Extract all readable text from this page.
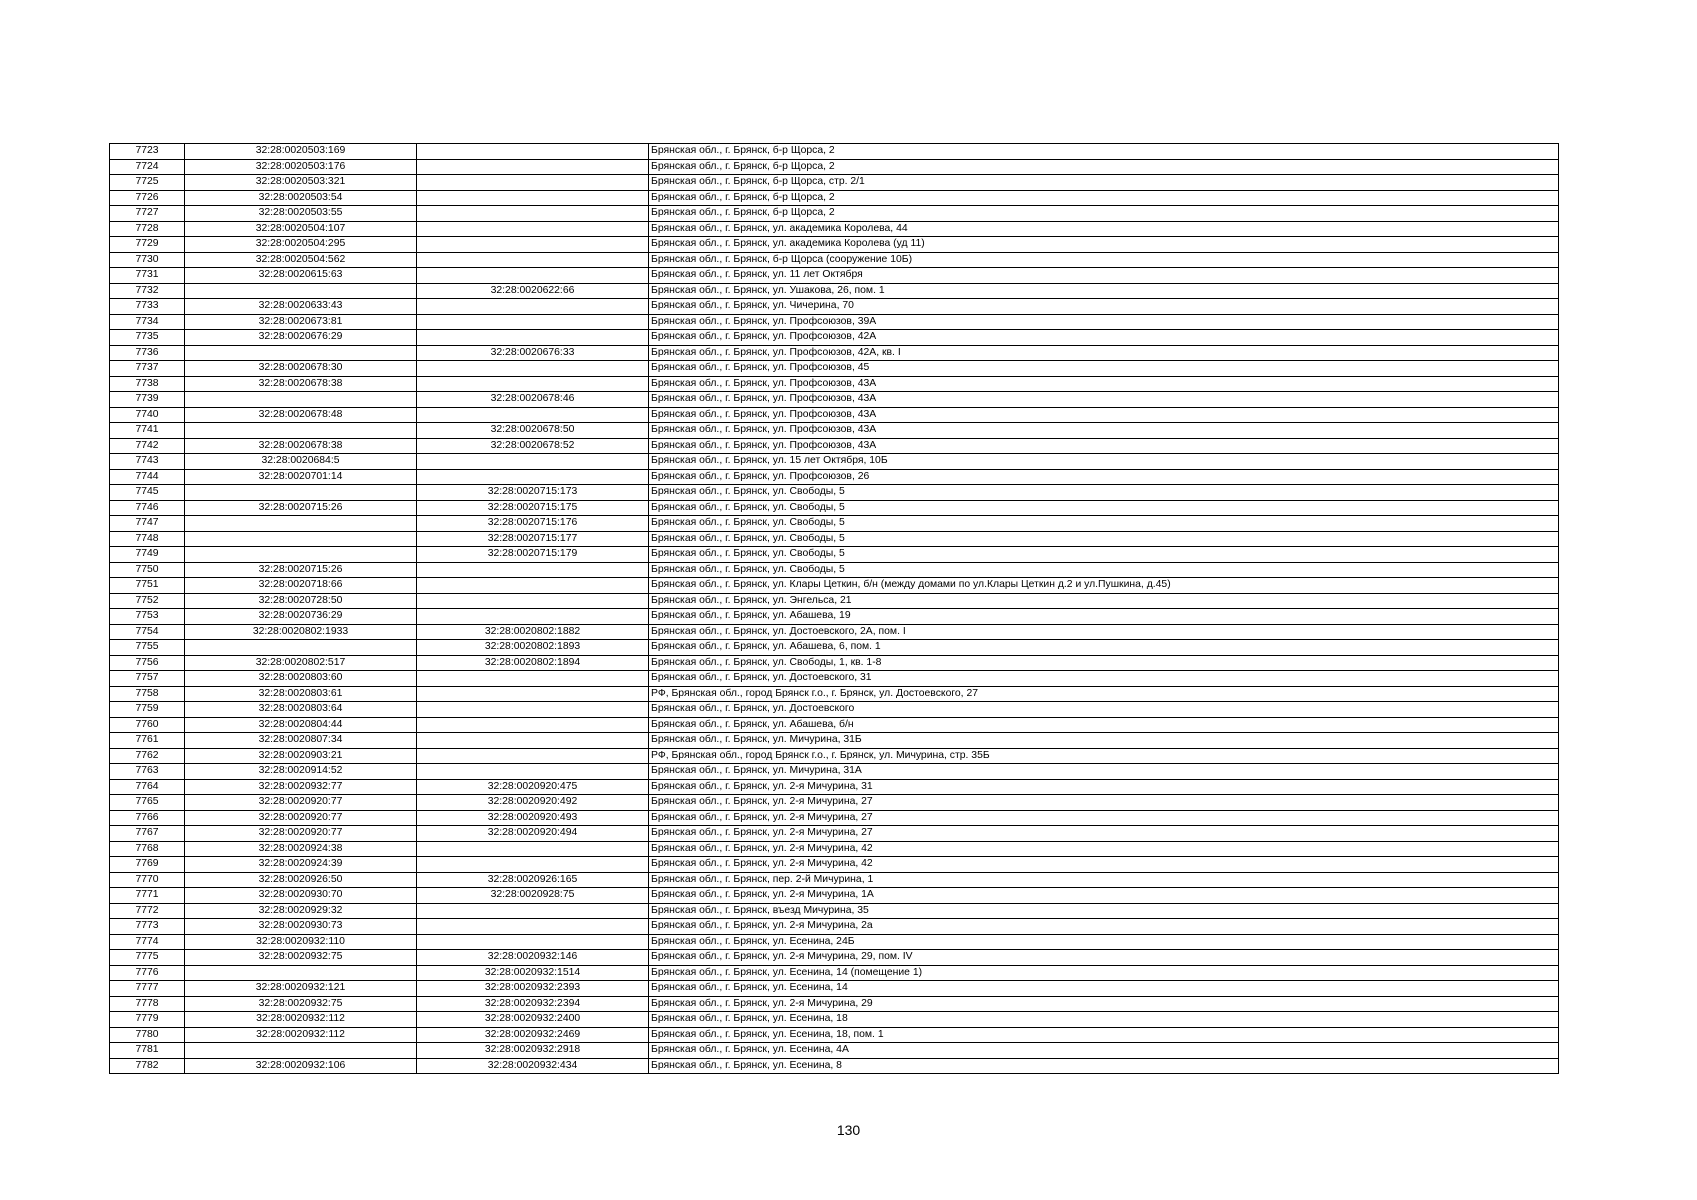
7723	32:28:0020503:169		Брянская обл., г. Брянск, б-р Щорса, 2
7724	32:28:0020503:176		Брянская обл., г. Брянск, б-р Щорса, 2
7725	32:28:0020503:321		Брянская обл., г. Брянск, б-р Щорса, стр. 2/1
7726	32:28:0020503:54		Брянская обл., г. Брянск, б-р Щорса, 2
7727	32:28:0020503:55		Брянская обл., г. Брянск, б-р Щорса, 2
7728	32:28:0020504:107		Брянская обл., г. Брянск, ул. академика Королева, 44
7729	32:28:0020504:295		Брянская обл., г. Брянск, ул. академика Королева (уд 11)
7730	32:28:0020504:562		Брянская обл., г. Брянск, б-р Щорса (сооружение 10Б)
7731	32:28:0020615:63		Брянская обл., г. Брянск, ул. 11 лет Октября
7732		32:28:0020622:66	Брянская обл., г. Брянск, ул. Ушакова, 26, пом. 1
7733	32:28:0020633:43		Брянская обл., г. Брянск, ул. Чичерина, 70
7734	32:28:0020673:81		Брянская обл., г. Брянск, ул. Профсоюзов, 39А
7735	32:28:0020676:29		Брянская обл., г. Брянск, ул. Профсоюзов, 42А
7736		32:28:0020676:33	Брянская обл., г. Брянск, ул. Профсоюзов, 42А, кв. I
7737	32:28:0020678:30		Брянская обл., г. Брянск, ул. Профсоюзов, 45
7738	32:28:0020678:38		Брянская обл., г. Брянск, ул. Профсоюзов, 43А
7739		32:28:0020678:46	Брянская обл., г. Брянск, ул. Профсоюзов, 43А
7740	32:28:0020678:48		Брянская обл., г. Брянск, ул. Профсоюзов, 43А
7741		32:28:0020678:50	Брянская обл., г. Брянск, ул. Профсоюзов, 43А
7742	32:28:0020678:38	32:28:0020678:52	Брянская обл., г. Брянск, ул. Профсоюзов, 43А
7743	32:28:0020684:5		Брянская обл., г. Брянск, ул. 15 лет Октября, 10Б
7744	32:28:0020701:14		Брянская обл., г. Брянск, ул. Профсоюзов, 26
7745		32:28:0020715:173	Брянская обл., г. Брянск, ул. Свободы, 5
7746	32:28:0020715:26	32:28:0020715:175	Брянская обл., г. Брянск, ул. Свободы, 5
7747		32:28:0020715:176	Брянская обл., г. Брянск, ул. Свободы, 5
7748		32:28:0020715:177	Брянская обл., г. Брянск, ул. Свободы, 5
7749		32:28:0020715:179	Брянская обл., г. Брянск, ул. Свободы, 5
7750	32:28:0020715:26		Брянская обл., г. Брянск, ул. Свободы, 5
7751	32:28:0020718:66		Брянская обл., г. Брянск, ул. Клары Цеткин, б/н (между домами по ул.Клары Цеткин д.2 и ул.Пушкина, д.45)
7752	32:28:0020728:50		Брянская обл., г. Брянск, ул. Энгельса, 21
7753	32:28:0020736:29		Брянская обл., г. Брянск, ул. Абашева, 19
7754	32:28:0020802:1933	32:28:0020802:1882	Брянская обл., г. Брянск, ул. Достоевского, 2А, пом. I
7755		32:28:0020802:1893	Брянская обл., г. Брянск, ул. Абашева, 6, пом. 1
7756	32:28:0020802:517	32:28:0020802:1894	Брянская обл., г. Брянск, ул. Свободы, 1, кв. 1-8
7757	32:28:0020803:60		Брянская обл., г. Брянск, ул. Достоевского, 31
7758	32:28:0020803:61		РФ, Брянская обл., город Брянск г.о., г. Брянск, ул. Достоевского, 27
7759	32:28:0020803:64		Брянская обл., г. Брянск, ул. Достоевского
7760	32:28:0020804:44		Брянская обл., г. Брянск, ул. Абашева, б/н
7761	32:28:0020807:34		Брянская обл., г. Брянск, ул. Мичурина, 31Б
7762	32:28:0020903:21		РФ, Брянская обл., город Брянск г.о., г. Брянск, ул. Мичурина, стр. 35Б
7763	32:28:0020914:52		Брянская обл., г. Брянск, ул. Мичурина, 31А
7764	32:28:0020932:77	32:28:0020920:475	Брянская обл., г. Брянск, ул. 2-я Мичурина, 31
7765	32:28:0020920:77	32:28:0020920:492	Брянская обл., г. Брянск, ул. 2-я Мичурина, 27
7766	32:28:0020920:77	32:28:0020920:493	Брянская обл., г. Брянск, ул. 2-я Мичурина, 27
7767	32:28:0020920:77	32:28:0020920:494	Брянская обл., г. Брянск, ул. 2-я Мичурина, 27
7768	32:28:0020924:38		Брянская обл., г. Брянск, ул. 2-я Мичурина, 42
7769	32:28:0020924:39		Брянская обл., г. Брянск, ул. 2-я Мичурина, 42
7770	32:28:0020926:50	32:28:0020926:165	Брянская обл., г. Брянск, пер. 2-й Мичурина, 1
7771	32:28:0020930:70	32:28:0020928:75	Брянская обл., г. Брянск, ул. 2-я Мичурина, 1А
7772	32:28:0020929:32		Брянская обл., г. Брянск, въезд Мичурина, 35
7773	32:28:0020930:73		Брянская обл., г. Брянск, ул. 2-я Мичурина, 2а
7774	32:28:0020932:110		Брянская обл., г. Брянск, ул. Есенина, 24Б
7775	32:28:0020932:75	32:28:0020932:146	Брянская обл., г. Брянск, ул. 2-я Мичурина, 29, пом. IV
7776		32:28:0020932:1514	Брянская обл., г. Брянск, ул. Есенина, 14 (помещение 1)
7777	32:28:0020932:121	32:28:0020932:2393	Брянская обл., г. Брянск, ул. Есенина, 14
7778	32:28:0020932:75	32:28:0020932:2394	Брянская обл., г. Брянск, ул. 2-я Мичурина, 29
7779	32:28:0020932:112	32:28:0020932:2400	Брянская обл., г. Брянск, ул. Есенина, 18
7780	32:28:0020932:112	32:28:0020932:2469	Брянская обл., г. Брянск, ул. Есенина, 18, пом. 1
7781		32:28:0020932:2918	Брянская обл., г. Брянск, ул. Есенина, 4А
7782	32:28:0020932:106	32:28:0020932:434	Брянская обл., г. Брянск, ул. Есенина, 8
130
